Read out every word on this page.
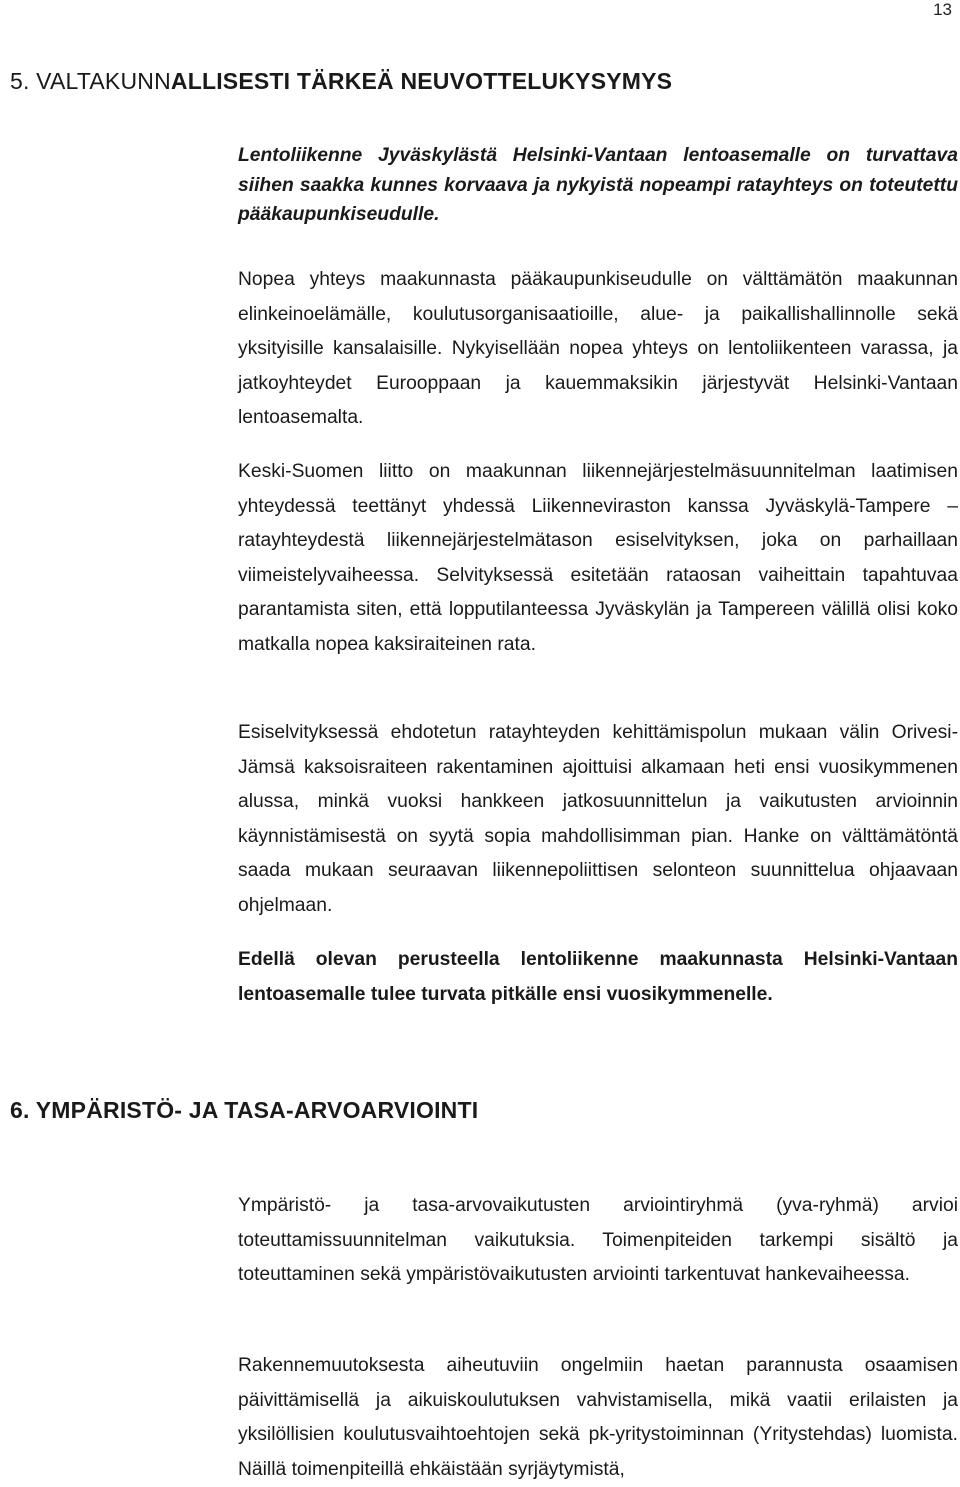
13
5. VALTAKUNNALLISESTI TÄRKEÄ NEUVOTTELUKYSYMYS

Lentoliikenne Jyväskylästä Helsinki-Vantaan lentoasemalle on turvattava siihen saakka kunnes korvaava ja nykyistä nopeampi ratayhteys on toteutettu pääkaupunkiseudulle.

Nopea yhteys maakunnasta pääkaupunkiseudulle on välttämätön maakunnan elinkeinoelämälle, koulutusorganisaatioille, alue- ja paikallishallinnolle sekä yksityisille kansalaisille. Nykyisellään nopea yhteys on lentoliikenteen varassa, ja jatkoyhteydet Eurooppaan ja kauemmaksikin järjestyvät Helsinki-Vantaan lentoasemalta.

Keski-Suomen liitto on maakunnan liikennejärjestelmäsuunnitelman laatimisen yhteydessä teettänyt yhdessä Liikenneviraston kanssa Jyväskylä-Tampere – ratayhteydestä liikennejärjestelmätason esiselvityksen, joka on parhaillaan viimeistelyvaiheessa. Selvityksessä esitetään rataosan vaiheittain tapahtuvaa parantamista siten, että lopputilanteessa Jyväskylän ja Tampereen välillä olisi koko matkalla nopea kaksiraiteinen rata.

Esiselvityksessä ehdotetun ratayhteyden kehittämispolun mukaan välin Orivesi-Jämsä kaksoisraiteen rakentaminen ajoittuisi alkamaan heti ensi vuosikymmenen alussa, minkä vuoksi hankkeen jatkosuunnittelun ja vaikutusten arvioinnin käynnistämisestä on syytä sopia mahdollisimman pian. Hanke on välttämätöntä saada mukaan seuraavan liikennepoliittisen selonteon suunnittelua ohjaavaan ohjelmaan.

Edellä olevan perusteella lentoliikenne maakunnasta Helsinki-Vantaan lentoasemalle tulee turvata pitkälle ensi vuosikymmenelle.

6. YMPÄRISTÖ- JA TASA-ARVOARVIOINTI

Ympäristö- ja tasa-arvovaikutusten arviointiryhmä (yva-ryhmä) arvioi toteuttamissuunnitelman vaikutuksia. Toimenpiteiden tarkempi sisältö ja toteuttaminen sekä ympäristövaikutusten arviointi tarkentuvat hankevaiheessa.

Rakennemuutoksesta aiheutuviin ongelmiin haetan parannusta osaamisen päivittämisellä ja aikuiskoulutuksen vahvistamisella, mikä vaatii erilaisten ja yksilöllisien koulutusvaihtoehtojen sekä pk-yritystoiminnan (Yritystehdas) luomista. Näillä toimenpiteillä ehkäistään syrjäytymistä,
